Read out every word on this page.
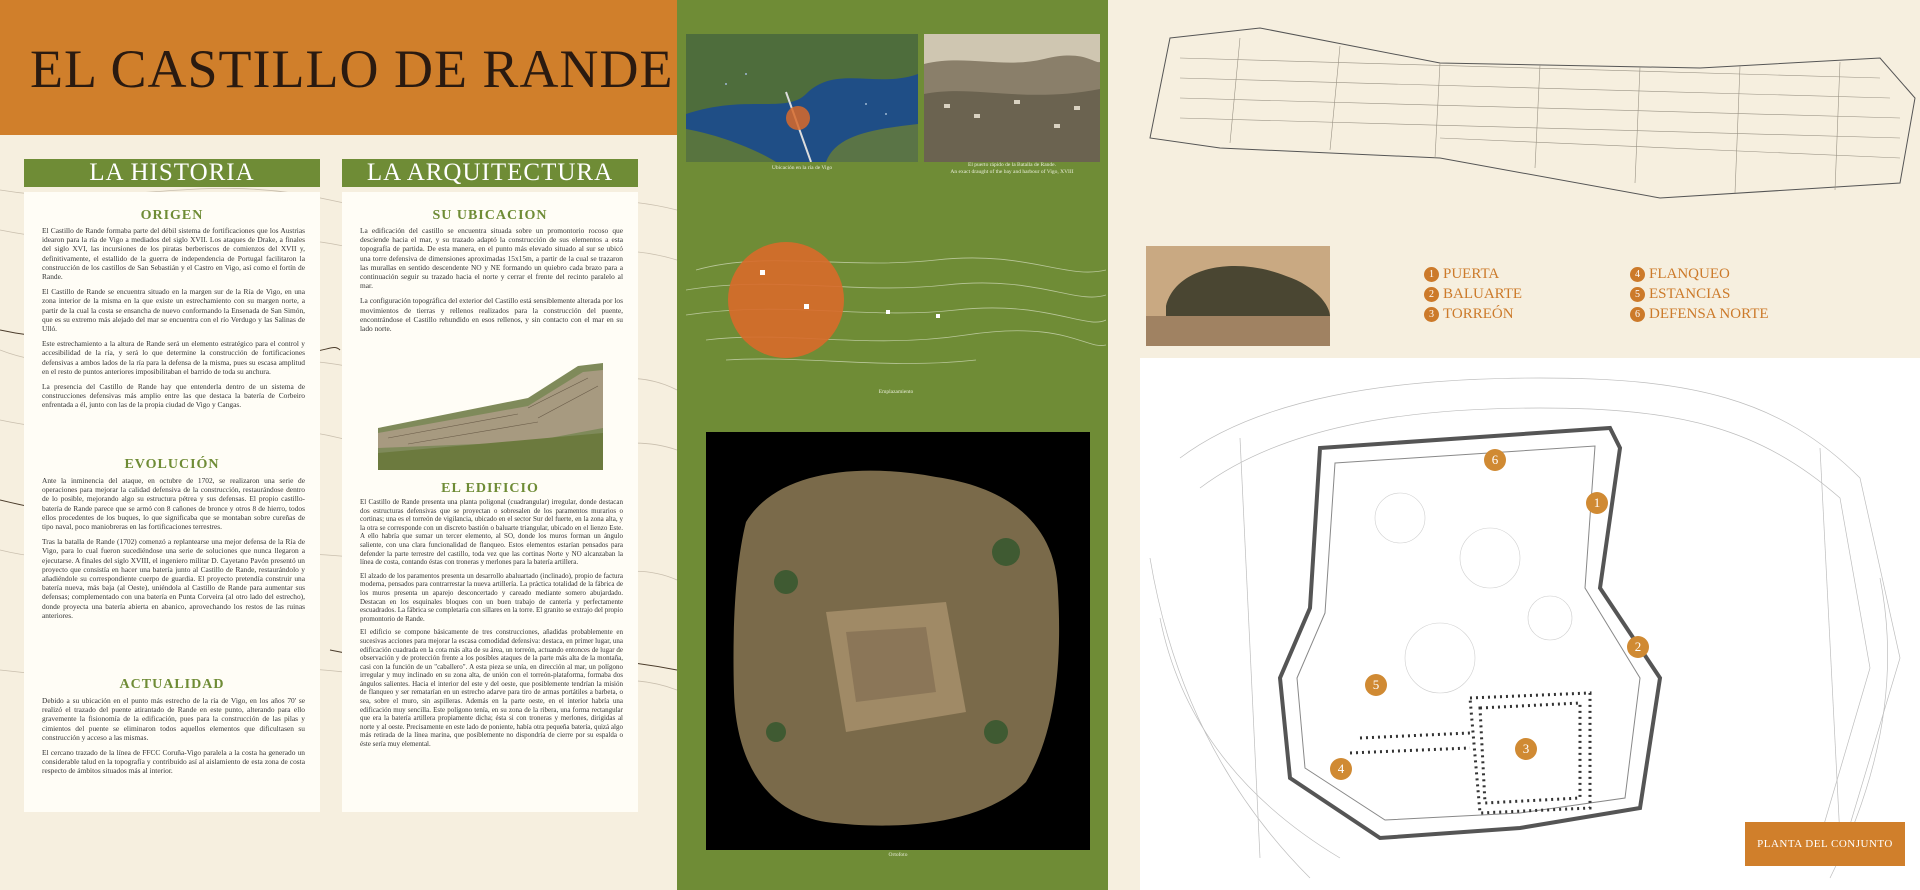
EL CASTILLO DE RANDE
LA HISTORIA
ORIGEN

El Castillo de Rande formaba parte del débil sistema de fortificaciones que los Austrias idearon para la ría de Vigo a mediados del siglo XVII. Los ataques de Drake, a finales del siglo XVI, las incursiones de los piratas berberiscos de comienzos del XVII y, definitivamente, el estallido de la guerra de independencia de Portugal facilitaron la construcción de los castillos de San Sebastián y el Castro en Vigo, así como el fortín de Rande.

El Castillo de Rande se encuentra situado en la margen sur de la Ría de Vigo, en una zona interior de la misma en la que existe un estrechamiento con su margen norte, a partir de la cual la costa se ensancha de nuevo conformando la Ensenada de San Simón, que es su extremo más alejado del mar se encuentra con el río Verdugo y las Salinas de Ulló.

Este estrechamiento a la altura de Rande será un elemento estratégico para el control y accesibilidad de la ría, y será lo que determine la construcción de fortificaciones defensivas a ambos lados de la ría para la defensa de la misma, pues su escasa amplitud en el resto de puntos anteriores imposibilitaban el barrido de toda su anchura.

La presencia del Castillo de Rande hay que entenderla dentro de un sistema de construcciones defensivas más amplio entre las que destaca la batería de Corbeiro enfrentada a él, junto con las de la propia ciudad de Vigo y Cangas.

EVOLUCIÓN

Ante la inminencia del ataque, en octubre de 1702, se realizaron una serie de operaciones para mejorar la calidad defensiva de la construcción, restaurándose dentro de lo posible, mejorando algo su estructura pétrea y sus defensas. El propio castillo-batería de Rande parece que se armó con 8 cañones de bronce y otros 8 de hierro, todos ellos procedentes de los buques, lo que significaba que se montaban sobre cureñas de tipo naval, poco maniobreras en las fortificaciones terrestres.

Tras la batalla de Rande (1702) comenzó a replantearse una mejor defensa de la Ría de Vigo, para lo cual fueron sucediéndose una serie de soluciones que nunca llegaron a ejecutarse. A finales del siglo XVIII, el ingeniero militar D. Cayetano Pavón presentó un proyecto que consistía en hacer una batería junto al Castillo de Rande, restaurándolo y añadiéndole su correspondiente cuerpo de guardia. El proyecto pretendía construir una batería nueva, más baja (al Oeste), uniéndola al Castillo de Rande para aumentar sus defensas; complementado con una batería en Punta Corveira (al otro lado del estrecho), donde proyecta una batería abierta en abanico, aprovechando los restos de las ruinas anteriores.

ACTUALIDAD

Debido a su ubicación en el punto más estrecho de la ría de Vigo, en los años 70' se realizó el trazado del puente atirantado de Rande en este punto, alterando para ello gravemente la fisionomía de la edificación, pues para la construcción de las pilas y cimientos del puente se eliminaron todos aquellos elementos que dificultasen su construcción y acceso a las mismas.

El cercano trazado de la línea de FFCC Coruña-Vigo paralela a la costa ha generado un considerable talud en la topografía y contribuido así al aislamiento de esta zona de costa respecto de ámbitos situados más al interior.

LA ARQUITECTURA
SU UBICACION

La edificación del castillo se encuentra situada sobre un promontorio rocoso que desciende hacia el mar, y su trazado adaptó la construcción de sus elementos a esta topografía de partida. De esta manera, en el punto más elevado situado al sur se ubicó una torre defensiva de dimensiones aproximadas 15x15m, a partir de la cual se trazaron las murallas en sentido descendente NO y NE formando un quiebro cada brazo para a continuación seguir su trazado hacia el norte y cerrar el frente del recinto paralelo al mar.

La configuración topográfica del exterior del Castillo está sensiblemente alterada por los movimientos de tierras y rellenos realizados para la construcción del puente, encontrándose el Castillo rehundido en esos rellenos, y sin contacto con el mar en su lado norte.

EL EDIFICIO

El Castillo de Rande presenta una planta poligonal (cuadrangular) irregular, donde destacan dos estructuras defensivas que se proyectan o sobresalen de los paramentos murarios o cortinas; una es el torreón de vigilancia, ubicado en el sector Sur del fuerte, en la zona alta, y la otra se corresponde con un discreto bastión o baluarte triangular, ubicado en el lienzo Este. A ello habría que sumar un tercer elemento, al SO, donde los muros forman un ángulo saliente, con una clara funcionalidad de flanqueo. Estos elementos estarían pensados para defender la parte terrestre del castillo, toda vez que las cortinas Norte y NO alcanzaban la línea de costa, contando éstas con troneras y merlones para la batería artillera.

El alzado de los paramentos presenta un desarrollo abaluartado (inclinado), propio de factura moderna, pensados para contrarrestar la nueva artillería. La práctica totalidad de la fábrica de los muros presenta un aparejo desconcertado y careado mediante somero abujardado. Destacan en los esquinales bloques con un buen trabajo de cantería y perfectamente escuadrados. La fábrica se completaría con sillares en la torre. El granito se extrajo del propio promontorio de Rande.

El edificio se compone básicamente de tres construcciones, añadidas probablemente en sucesivas acciones para mejorar la escasa comodidad defensiva: destaca, en primer lugar, una edificación cuadrada en la cota más alta de su área, un torreón, actuando entonces de lugar de observación y de protección frente a los posibles ataques de la parte más alta de la montaña, casi con la función de un "caballero". A esta pieza se unía, en dirección al mar, un polígono irregular y muy inclinado en su zona alta, de unión con el torreón-plataforma, formaba dos ángulos salientes. Hacia el interior del este y del oeste, que posiblemente tendrían la misión de flanqueo y ser rematarían en un estrecho adarve para tiro de armas portátiles a barbeta, o sea, sobre el muro, sin aspilleras. Además en la parte oeste, en el interior habría una edificación muy sencilla. Este polígono tenía, en su zona de la ribera, una forma rectangular que era la batería artillera propiamente dicha; ésta si con troneras y merlones, dirigidas al norte y al oeste. Precisamente en este lado de poniente, había otra pequeña batería, quizá algo más retirada de la línea marina, que posiblemente no dispondría de cierre por su espalda o éste sería muy elemental.

Ubicación en la ría de Vigo	El puerto rápido de la Batalla de Rande.
An exact draught of the bay and harbour of Vigo, XVIII
Emplazamiento
Ortofoto
1 PUERTA
2 BALUARTE
3 TORREÓN
4 FLANQUEO
5 ESTANCIAS
6 DEFENSA NORTE
1
2
3
4
5
6
PLANTA DEL CONJUNTO
